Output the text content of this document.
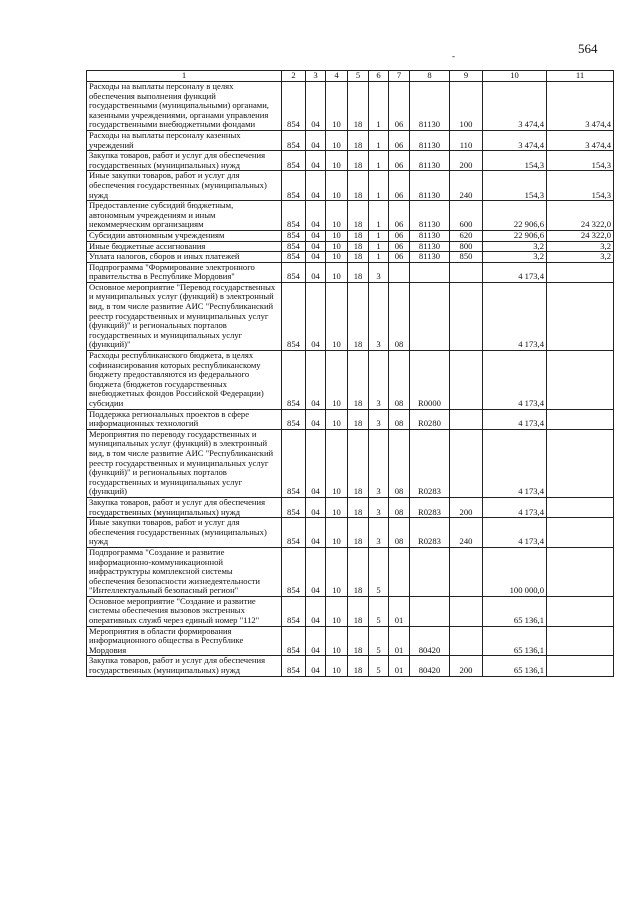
564
-
1	2	3	4	5	6	7	8	9	10	11
Расходы на выплаты персоналу в целях обеспечения выполнения функций государственными (муниципальными) органами, казенными учреждениями, органами управления государственными внебюджетными фондами	854	04	10	18	1	06	81130	100	3 474,4	3 474,4
Расходы на выплаты персоналу казенных учреждений	854	04	10	18	1	06	81130	110	3 474,4	3 474,4
Закупка товаров, работ и услуг для обеспечения государственных (муниципальных) нужд	854	04	10	18	1	06	81130	200	154,3	154,3
Иные закупки товаров, работ и услуг для обеспечения государственных (муниципальных) нужд	854	04	10	18	1	06	81130	240	154,3	154,3
Предоставление субсидий бюджетным, автономным учреждениям и иным некоммерческим организациям	854	04	10	18	1	06	81130	600	22 906,6	24 322,0
Субсидии автономным учреждениям	854	04	10	18	1	06	81130	620	22 906,6	24 322,0
Иные бюджетные ассигнования	854	04	10	18	1	06	81130	800	3,2	3,2
Уплата налогов, сборов и иных платежей	854	04	10	18	1	06	81130	850	3,2	3,2
Подпрограмма "Формирование электронного правительства в Республике Мордовия"	854	04	10	18	3				4 173,4	
Основное мероприятие "Перевод государственных и муниципальных услуг (функций) в электронный вид, в том числе развитие АИС "Республиканский реестр государственных и муниципальных услуг (функций)" и региональных порталов государственных и муниципальных услуг (функций)"	854	04	10	18	3	08			4 173,4	
Расходы республиканского бюджета, в целях софинансирования которых республиканскому бюджету предоставляются из федерального бюджета (бюджетов государственных внебюджетных фондов Российской Федерации) субсидии	854	04	10	18	3	08	R0000		4 173,4	
Поддержка региональных проектов в сфере информационных технологий	854	04	10	18	3	08	R0280		4 173,4	
Мероприятия по переводу государственных и муниципальных услуг (функций) в электронный вид, в том числе развитие АИС "Республиканский реестр государственных и муниципальных услуг (функций)" и региональных порталов государственных и муниципальных услуг (функций)	854	04	10	18	3	08	R0283		4 173,4	
Закупка товаров, работ и услуг для обеспечения государственных (муниципальных) нужд	854	04	10	18	3	08	R0283	200	4 173,4	
Иные закупки товаров, работ и услуг для обеспечения государственных (муниципальных) нужд	854	04	10	18	3	08	R0283	240	4 173,4	
Подпрограмма "Создание и развитие информационно-коммуникационной инфраструктуры комплексной системы обеспечения безопасности жизнедеятельности "Интеллектуальный безопасный регион"	854	04	10	18	5				100 000,0	
Основное мероприятие "Создание и развитие системы обеспечения вызовов экстренных оперативных служб через единый номер "112"	854	04	10	18	5	01			65 136,1	
Мероприятия в области формирования информационного общества в Республике Мордовия	854	04	10	18	5	01	80420		65 136,1	
Закупка товаров, работ и услуг для обеспечения государственных (муниципальных) нужд	854	04	10	18	5	01	80420	200	65 136,1	
